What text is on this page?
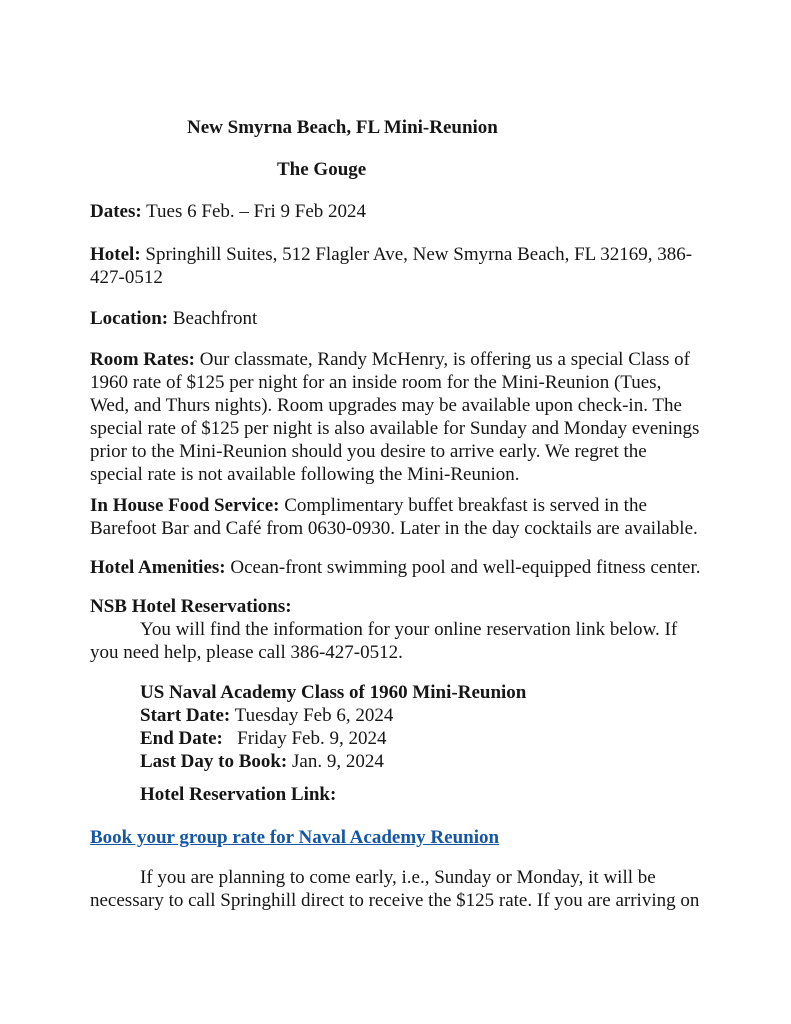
New Smyrna Beach, FL Mini-Reunion

The Gouge

Dates: Tues 6 Feb. – Fri 9 Feb 2024

Hotel: Springhill Suites, 512 Flagler Ave, New Smyrna Beach, FL 32169, 386-427-0512

Location: Beachfront

Room Rates: Our classmate, Randy McHenry, is offering us a special Class of 1960 rate of $125 per night for an inside room for the Mini-Reunion (Tues, Wed, and Thurs nights). Room upgrades may be available upon check-in. The special rate of $125 per night is also available for Sunday and Monday evenings prior to the Mini-Reunion should you desire to arrive early. We regret the special rate is not available following the Mini-Reunion.

In House Food Service: Complimentary buffet breakfast is served in the Barefoot Bar and Café from 0630-0930. Later in the day cocktails are available.

Hotel Amenities: Ocean-front swimming pool and well-equipped fitness center.

NSB Hotel Reservations:

You will find the information for your online reservation link below. If you need help, please call 386-427-0512.

US Naval Academy Class of 1960 Mini-Reunion

Start Date: Tuesday Feb 6, 2024

End Date:   Friday Feb. 9, 2024

Last Day to Book: Jan. 9, 2024

Hotel Reservation Link:

Book your group rate for Naval Academy Reunion

If you are planning to come early, i.e., Sunday or Monday, it will be necessary to call Springhill direct to receive the $125 rate. If you are arriving on
